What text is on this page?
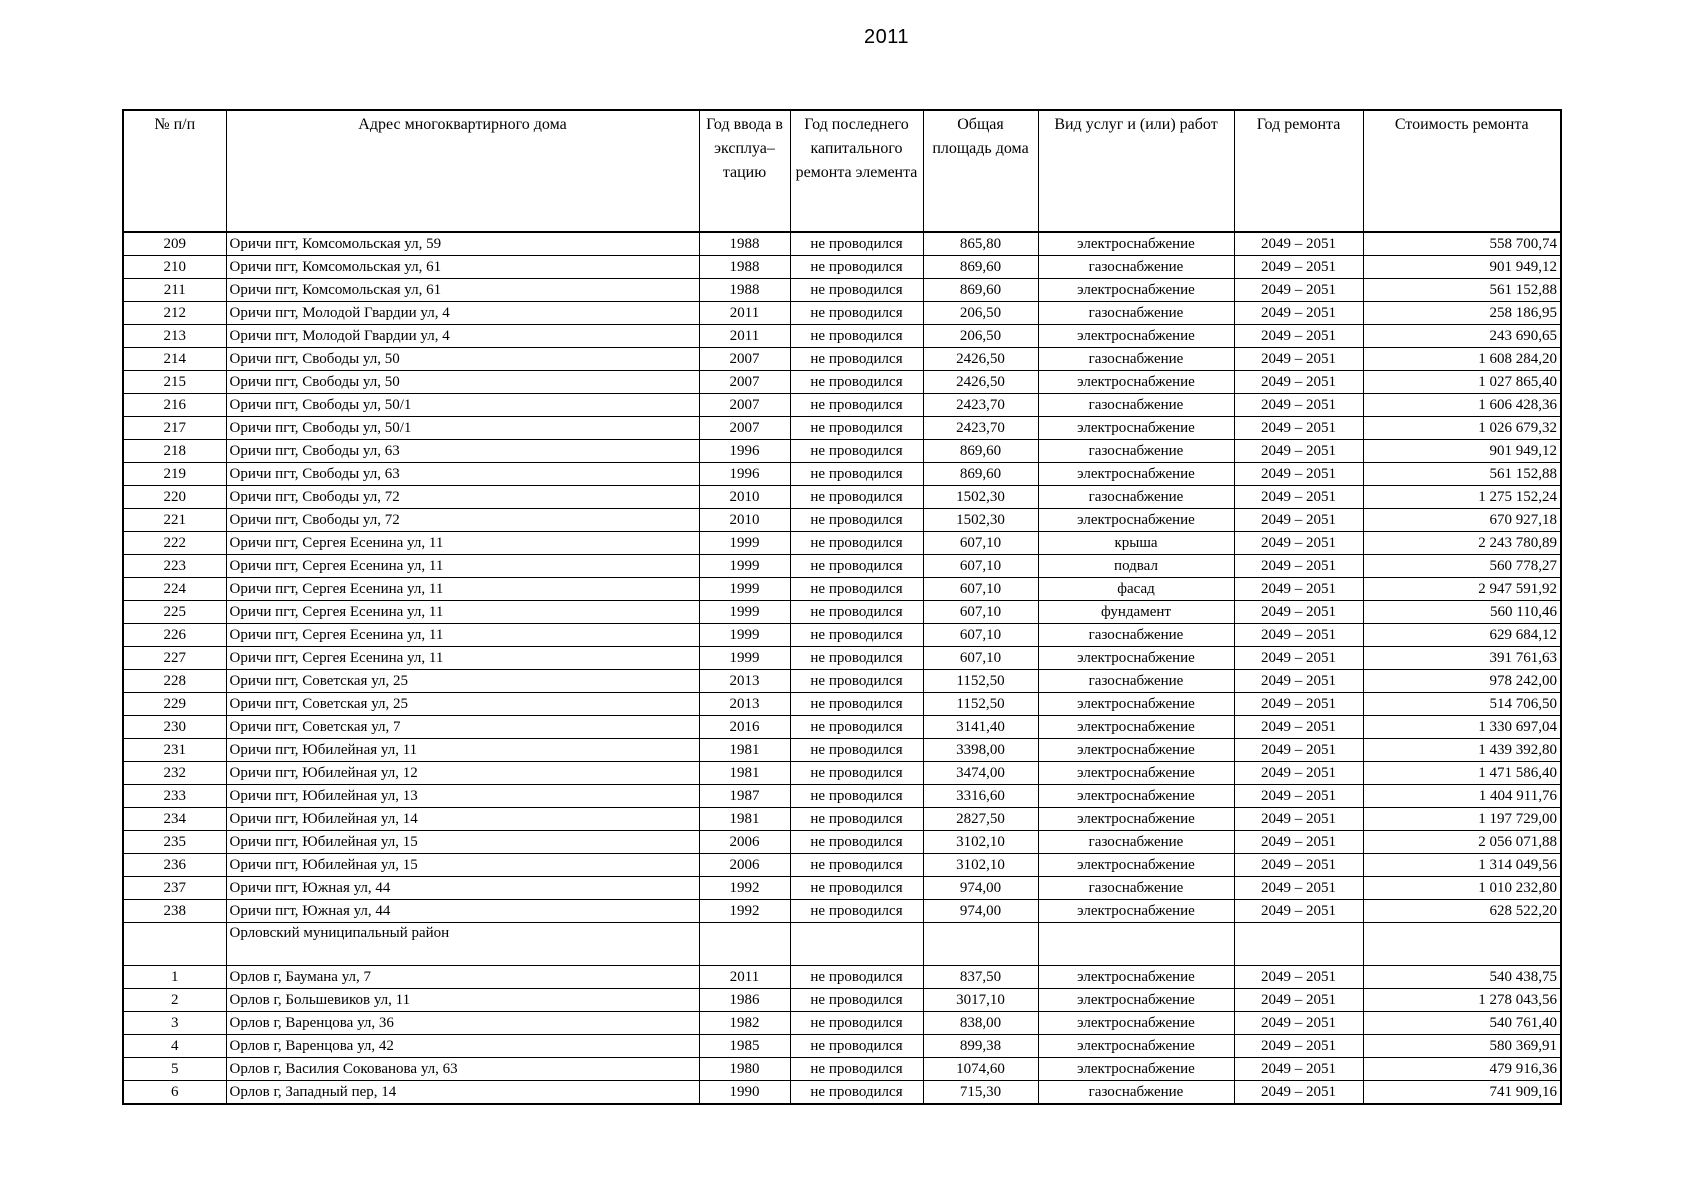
2011
№ п/п	Адрес многоквартирного дома	Год ввода в эксплуа–тацию	Год последнего капитального ремонта элемента	Общая площадь дома	Вид услуг и (или) работ	Год ремонта	Стоимость ремонта
209	Оричи пгт, Комсомольская ул, 59	1988	не проводился	865,80	электроснабжение	2049 – 2051	558 700,74
210	Оричи пгт, Комсомольская ул, 61	1988	не проводился	869,60	газоснабжение	2049 – 2051	901 949,12
211	Оричи пгт, Комсомольская ул, 61	1988	не проводился	869,60	электроснабжение	2049 – 2051	561 152,88
212	Оричи пгт, Молодой Гвардии ул, 4	2011	не проводился	206,50	газоснабжение	2049 – 2051	258 186,95
213	Оричи пгт, Молодой Гвардии ул, 4	2011	не проводился	206,50	электроснабжение	2049 – 2051	243 690,65
214	Оричи пгт, Свободы ул, 50	2007	не проводился	2426,50	газоснабжение	2049 – 2051	1 608 284,20
215	Оричи пгт, Свободы ул, 50	2007	не проводился	2426,50	электроснабжение	2049 – 2051	1 027 865,40
216	Оричи пгт, Свободы ул, 50/1	2007	не проводился	2423,70	газоснабжение	2049 – 2051	1 606 428,36
217	Оричи пгт, Свободы ул, 50/1	2007	не проводился	2423,70	электроснабжение	2049 – 2051	1 026 679,32
218	Оричи пгт, Свободы ул, 63	1996	не проводился	869,60	газоснабжение	2049 – 2051	901 949,12
219	Оричи пгт, Свободы ул, 63	1996	не проводился	869,60	электроснабжение	2049 – 2051	561 152,88
220	Оричи пгт, Свободы ул, 72	2010	не проводился	1502,30	газоснабжение	2049 – 2051	1 275 152,24
221	Оричи пгт, Свободы ул, 72	2010	не проводился	1502,30	электроснабжение	2049 – 2051	670 927,18
222	Оричи пгт, Сергея Есенина ул, 11	1999	не проводился	607,10	крыша	2049 – 2051	2 243 780,89
223	Оричи пгт, Сергея Есенина ул, 11	1999	не проводился	607,10	подвал	2049 – 2051	560 778,27
224	Оричи пгт, Сергея Есенина ул, 11	1999	не проводился	607,10	фасад	2049 – 2051	2 947 591,92
225	Оричи пгт, Сергея Есенина ул, 11	1999	не проводился	607,10	фундамент	2049 – 2051	560 110,46
226	Оричи пгт, Сергея Есенина ул, 11	1999	не проводился	607,10	газоснабжение	2049 – 2051	629 684,12
227	Оричи пгт, Сергея Есенина ул, 11	1999	не проводился	607,10	электроснабжение	2049 – 2051	391 761,63
228	Оричи пгт, Советская ул, 25	2013	не проводился	1152,50	газоснабжение	2049 – 2051	978 242,00
229	Оричи пгт, Советская ул, 25	2013	не проводился	1152,50	электроснабжение	2049 – 2051	514 706,50
230	Оричи пгт, Советская ул, 7	2016	не проводился	3141,40	электроснабжение	2049 – 2051	1 330 697,04
231	Оричи пгт, Юбилейная ул, 11	1981	не проводился	3398,00	электроснабжение	2049 – 2051	1 439 392,80
232	Оричи пгт, Юбилейная ул, 12	1981	не проводился	3474,00	электроснабжение	2049 – 2051	1 471 586,40
233	Оричи пгт, Юбилейная ул, 13	1987	не проводился	3316,60	электроснабжение	2049 – 2051	1 404 911,76
234	Оричи пгт, Юбилейная ул, 14	1981	не проводился	2827,50	электроснабжение	2049 – 2051	1 197 729,00
235	Оричи пгт, Юбилейная ул, 15	2006	не проводился	3102,10	газоснабжение	2049 – 2051	2 056 071,88
236	Оричи пгт, Юбилейная ул, 15	2006	не проводился	3102,10	электроснабжение	2049 – 2051	1 314 049,56
237	Оричи пгт, Южная ул, 44	1992	не проводился	974,00	газоснабжение	2049 – 2051	1 010 232,80
238	Оричи пгт, Южная ул, 44	1992	не проводился	974,00	электроснабжение	2049 – 2051	628 522,20
	Орловский муниципальный район						
1	Орлов г, Баумана ул, 7	2011	не проводился	837,50	электроснабжение	2049 – 2051	540 438,75
2	Орлов г, Большевиков ул, 11	1986	не проводился	3017,10	электроснабжение	2049 – 2051	1 278 043,56
3	Орлов г, Варенцова ул, 36	1982	не проводился	838,00	электроснабжение	2049 – 2051	540 761,40
4	Орлов г, Варенцова ул, 42	1985	не проводился	899,38	электроснабжение	2049 – 2051	580 369,91
5	Орлов г, Василия Сокованова ул, 63	1980	не проводился	1074,60	электроснабжение	2049 – 2051	479 916,36
6	Орлов г, Западный пер, 14	1990	не проводился	715,30	газоснабжение	2049 – 2051	741 909,16
